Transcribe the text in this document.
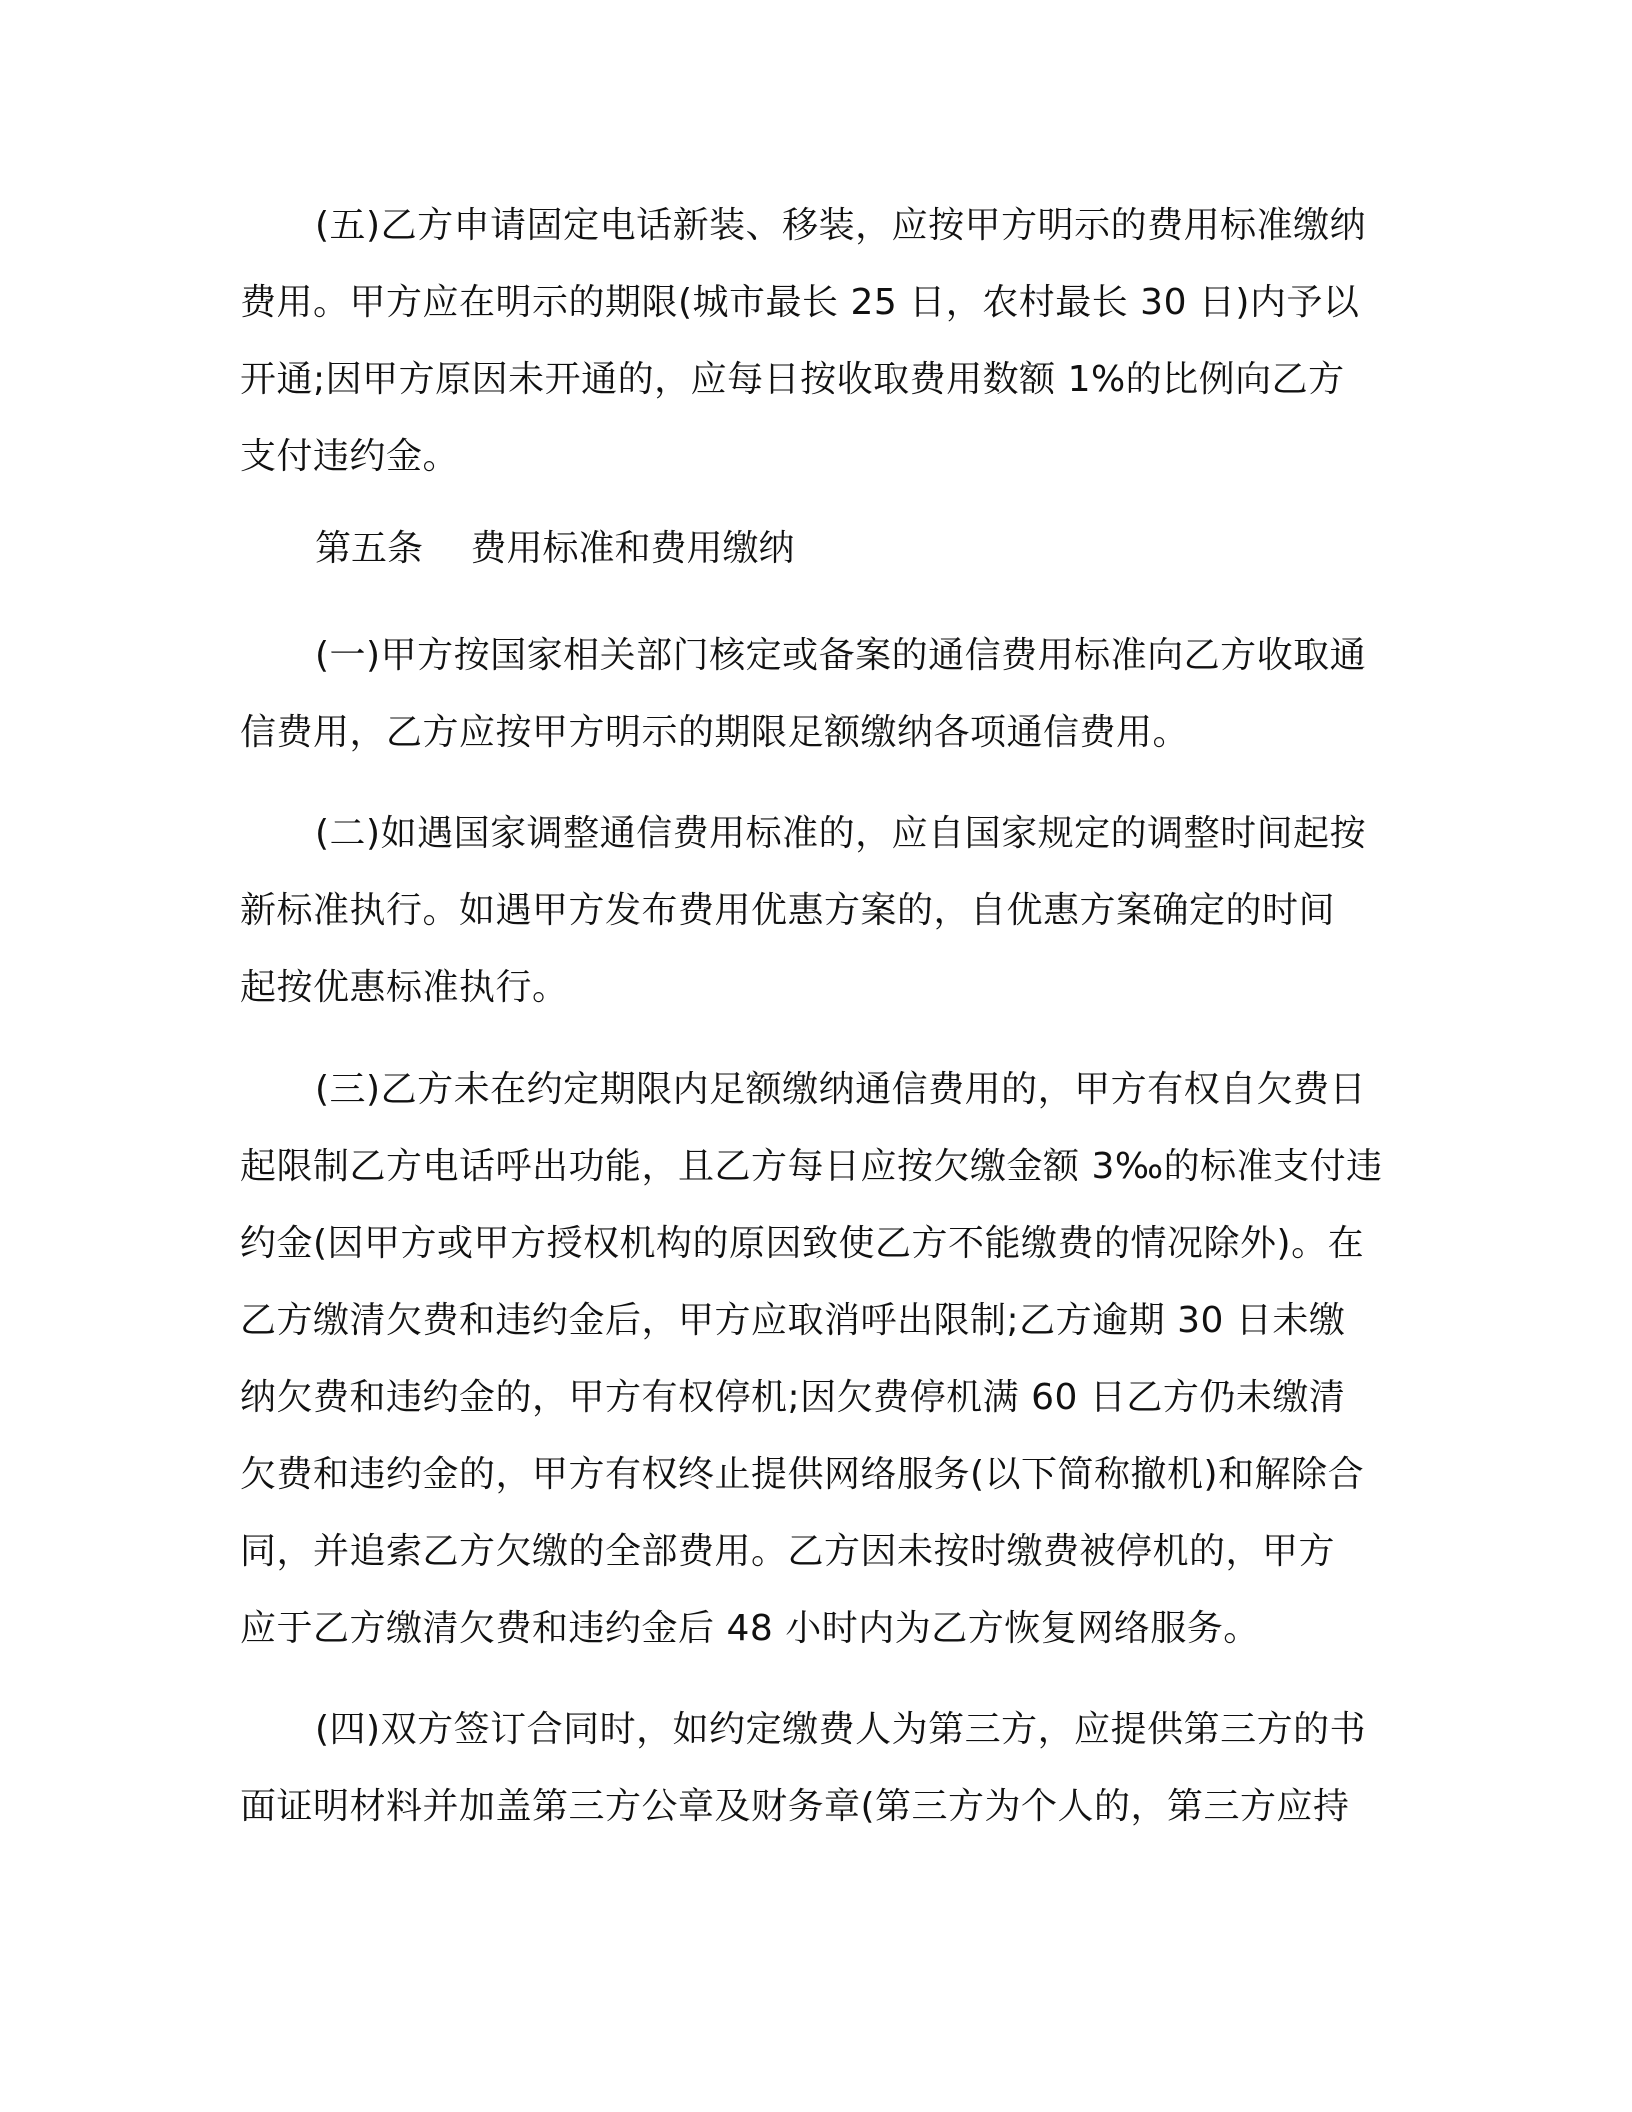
(五)乙方申请固定电话新装、移装，应按甲方明示的费用标准缴纳
费用。甲方应在明示的期限(城市最长 25 日，农村最长 30 日)内予以
开通;因甲方原因未开通的，应每日按收取费用数额 1%的比例向乙方
支付违约金。
第五条　 费用标准和费用缴纳
(一)甲方按国家相关部门核定或备案的通信费用标准向乙方收取通
信费用，乙方应按甲方明示的期限足额缴纳各项通信费用。
(二)如遇国家调整通信费用标准的，应自国家规定的调整时间起按
新标准执行。如遇甲方发布费用优惠方案的，自优惠方案确定的时间
起按优惠标准执行。
(三)乙方未在约定期限内足额缴纳通信费用的，甲方有权自欠费日
起限制乙方电话呼出功能，且乙方每日应按欠缴金额 3‰的标准支付违
约金(因甲方或甲方授权机构的原因致使乙方不能缴费的情况除外)。在
乙方缴清欠费和违约金后，甲方应取消呼出限制;乙方逾期 30 日未缴
纳欠费和违约金的，甲方有权停机;因欠费停机满 60 日乙方仍未缴清
欠费和违约金的，甲方有权终止提供网络服务(以下简称撤机)和解除合
同，并追索乙方欠缴的全部费用。乙方因未按时缴费被停机的，甲方
应于乙方缴清欠费和违约金后 48 小时内为乙方恢复网络服务。
(四)双方签订合同时，如约定缴费人为第三方，应提供第三方的书
面证明材料并加盖第三方公章及财务章(第三方为个人的，第三方应持
